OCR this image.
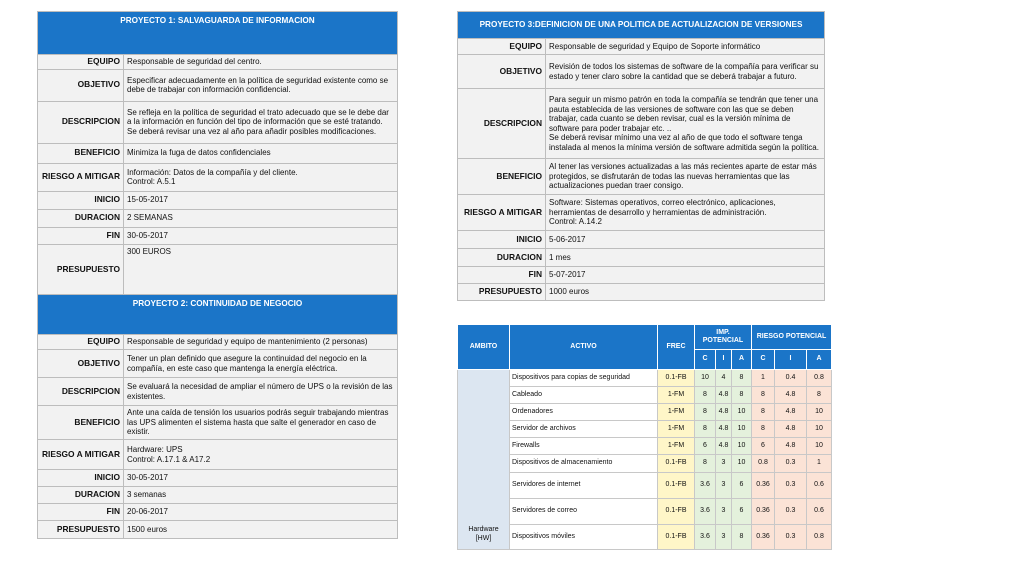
PROYECTO 1: SALVAGUARDA DE INFORMACION	
EQUIPO	Responsable de seguridad del centro.
OBJETIVO	Especificar adecuadamente en la política de seguridad existente como se debe de trabajar con información confidencial.
DESCRIPCION	Se refleja en la política de seguridad el trato adecuado que se le debe dar a la información en función del tipo de información que se esté tratando.
Se deberá revisar una vez al año para añadir posibles modificaciones.
BENEFICIO	Minimiza la fuga de datos confidenciales
RIESGO A MITIGAR	Información: Datos de la compañía y del cliente.
Control: A.5.1
INICIO	15-05-2017
DURACION	2 SEMANAS
FIN	30-05-2017
PRESUPUESTO	300 EUROS
PROYECTO 2: CONTINUIDAD DE NEGOCIO	
EQUIPO	Responsable de seguridad y equipo de mantenimiento (2 personas)
OBJETIVO	Tener un plan definido que asegure la continuidad del negocio en la compañía, en este caso que mantenga la energía eléctrica.
DESCRIPCION	Se evaluará la necesidad de ampliar el número de UPS o la revisión de las existentes.
BENEFICIO	Ante una caída de tensión los usuarios podrás seguir trabajando mientras las UPS alimenten el sistema hasta que salte el generador en caso de existir.
RIESGO A MITIGAR	Hardware: UPS
Control: A.17.1 & A17.2
INICIO	30-05-2017
DURACION	3 semanas
FIN	20-06-2017
PRESUPUESTO	1500 euros
PROYECTO 3:DEFINICION DE UNA POLITICA DE ACTUALIZACION DE VERSIONES	
EQUIPO	Responsable de seguridad y Equipo de Soporte informático
OBJETIVO	Revisión de todos los sistemas de software de la compañía para verificar su estado y tener claro sobre la cantidad que se deberá trabajar a futuro.
DESCRIPCION	Para seguir un mismo patrón en toda la compañía se tendrán que tener una pauta establecida de las versiones de software con las que se deben trabajar, cada cuanto se deben revisar, cual es la versión mínima de software para poder trabajar etc. ..
Se deberá revisar mínimo una vez al año de que todo el software tenga instalada al menos la mínima versión de software admitida según la política.
BENEFICIO	Al tener las versiones actualizadas a las más recientes aparte de estar más protegidos, se disfrutarán de todas las nuevas herramientas que las actualizaciones puedan traer consigo.
RIESGO A MITIGAR	Software: Sistemas operativos, correo electrónico, aplicaciones, herramientas de desarrollo y herramientas de administración.
Control: A.14.2
INICIO	5-06-2017
DURACION	1 mes
FIN	5-07-2017
PRESUPUESTO	1000 euros
AMBITO	ACTIVO	FREC	IMP. POTENCIAL			RIESGO POTENCIAL		
			C	I	A	C	I	A
Hardware
[HW]	Dispositivos para copias de seguridad	0.1-FB	10	4	8	1	0.4	0.8
	Cableado	1-FM	8	4.8	8	8	4.8	8
	Ordenadores	1-FM	8	4.8	10	8	4.8	10
	Servidor de archivos	1-FM	8	4.8	10	8	4.8	10
	Firewalls	1-FM	6	4.8	10	6	4.8	10
	Dispositivos de almacenamiento	0.1-FB	8	3	10	0.8	0.3	1
	Servidores de internet	0.1-FB	3.6	3	6	0.36	0.3	0.6
	Servidores de correo	0.1-FB	3.6	3	6	0.36	0.3	0.6
	Dispositivos móviles	0.1-FB	3.6	3	8	0.36	0.3	0.8
